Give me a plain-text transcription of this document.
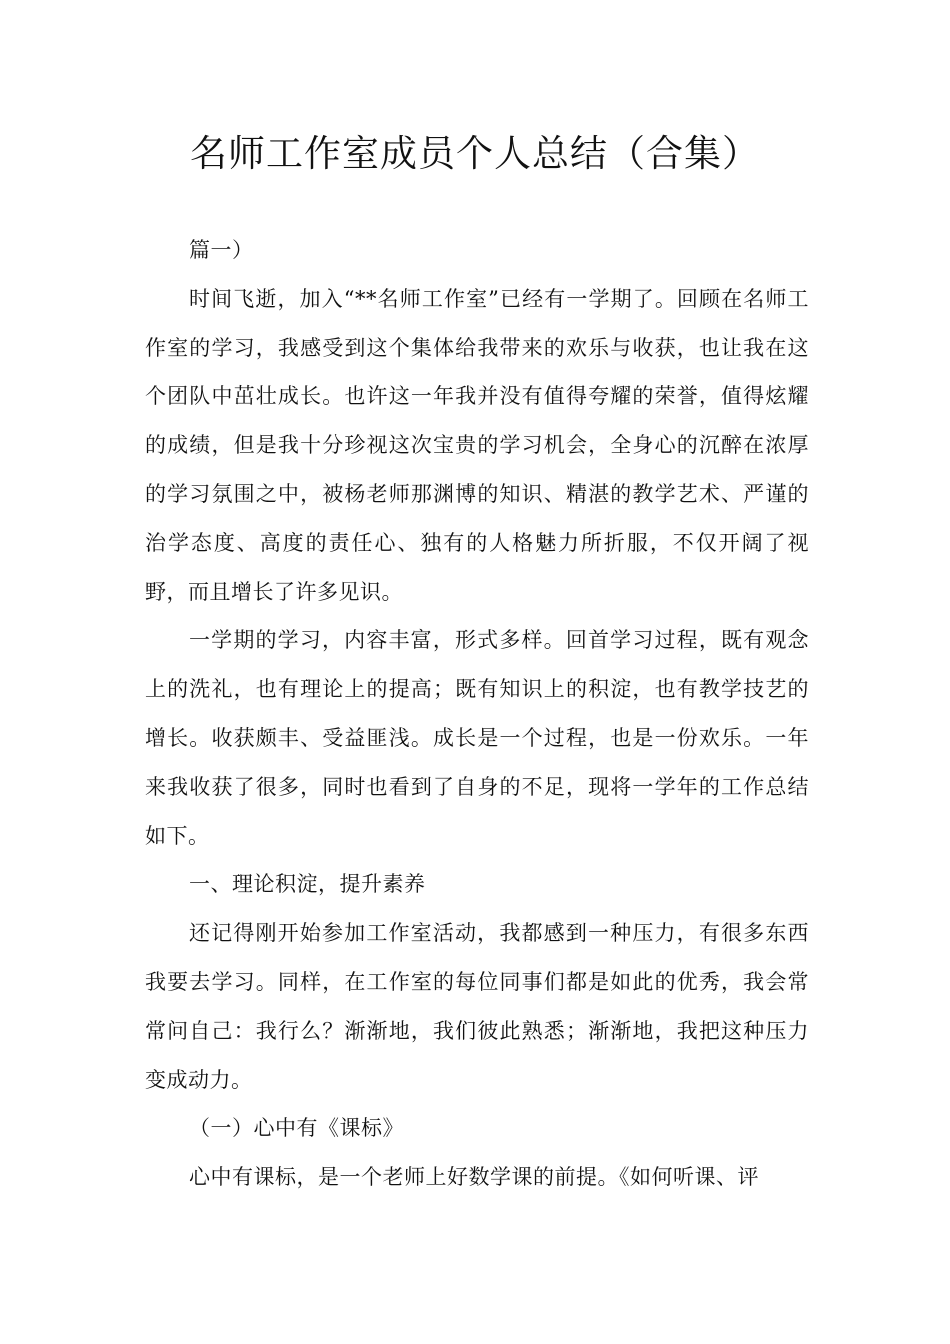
名师工作室成员个人总结（合集）

篇一）

时间飞逝，加入“**名师工作室”已经有一学期了。回顾在名师工作室的学习，我感受到这个集体给我带来的欢乐与收获，也让我在这个团队中茁壮成长。也许这一年我并没有值得夸耀的荣誉，值得炫耀的成绩，但是我十分珍视这次宝贵的学习机会，全身心的沉醉在浓厚的学习氛围之中，被杨老师那渊博的知识、精湛的教学艺术、严谨的治学态度、高度的责任心、独有的人格魅力所折服，不仅开阔了视野，而且增长了许多见识。

一学期的学习，内容丰富，形式多样。回首学习过程，既有观念上的洗礼，也有理论上的提高；既有知识上的积淀，也有教学技艺的增长。收获颇丰、受益匪浅。成长是一个过程，也是一份欢乐。一年来我收获了很多，同时也看到了自身的不足，现将一学年的工作总结如下。

一、理论积淀，提升素养

还记得刚开始参加工作室活动，我都感到一种压力，有很多东西我要去学习。同样，在工作室的每位同事们都是如此的优秀，我会常常问自己：我行么？渐渐地，我们彼此熟悉；渐渐地，我把这种压力变成动力。

（一）心中有《课标》

心中有课标，是一个老师上好数学课的前提。《如何听课、评
